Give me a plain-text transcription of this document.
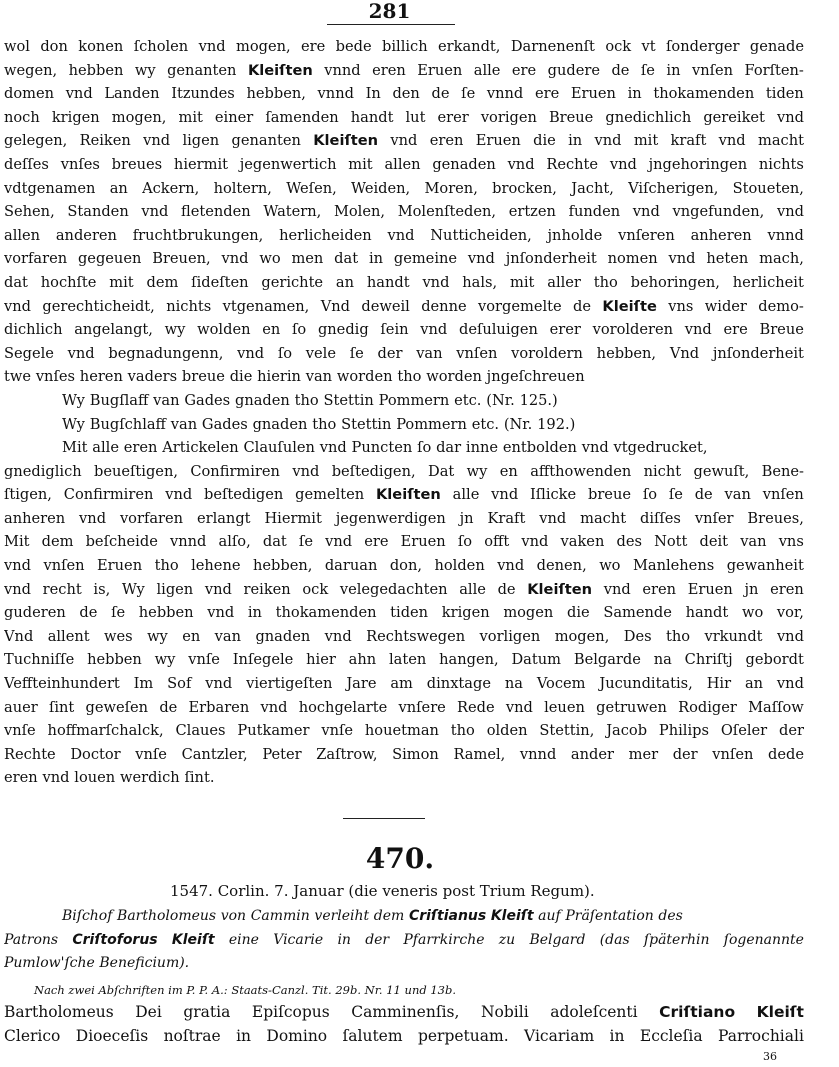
281
wol don konen ſcholen vnd mogen, ere bede billich erkandt, Darnenenſt ock vt ſonderger genade
wegen, hebben wy genanten Kleiſten vnnd eren Eruen alle ere gudere de ſe in vnſen Forſten-
domen vnd Landen Itzundes hebben, vnnd In den de ſe vnnd ere Eruen in thokamenden tiden
noch krigen mogen, mit einer ſamenden handt lut erer vorigen Breue gnedichlich gereiket vnd
gelegen, Reiken vnd ligen genanten Kleiſten vnd eren Eruen die in vnd mit kraft vnd macht
deſſes vnſes breues hiermit jegenwertich mit allen genaden vnd Rechte vnd jngehoringen nichts
vdtgenamen an Ackern, holtern, Weſen, Weiden, Moren, brocken, Jacht, Viſcherigen, Stoueten,
Sehen, Standen vnd fletenden Watern, Molen, Molenſteden, ertzen funden vnd vngefunden, vnd
allen anderen fruchtbrukungen, herlicheiden vnd Nutticheiden, jnholde vnſeren anheren vnnd
vorfaren gegeuen Breuen, vnd wo men dat in gemeine vnd jnſonderheit nomen vnd heten mach,
dat hochſte mit dem ſideſten gerichte an handt vnd hals, mit aller tho behoringen, herlicheit
vnd gerechticheidt, nichts vtgenamen, Vnd deweil denne vorgemelte de Kleiſte vns wider demo-
dichlich angelangt, wy wolden en ſo gnedig ſein vnd deſuluigen erer vorolderen vnd ere Breue
Segele vnd begnadungenn, vnd ſo vele ſe der van vnſen voroldern hebben, Vnd jnſonderheit
twe vnſes heren vaders breue die hierin van worden tho worden jngeſchreuen
Wy Bugſlaff van Gades gnaden tho Stettin Pommern etc. (Nr. 125.)
Wy Bugſchlaff van Gades gnaden tho Stettin Pommern etc. (Nr. 192.)
Mit alle eren Artickelen Clauſulen vnd Puncten ſo dar inne entbolden vnd vtgedrucket,
gnediglich beueſtigen, Confirmiren vnd beſtedigen, Dat wy en affthowenden nicht gewuſt, Bene-
ſtigen, Confirmiren vnd beſtedigen gemelten Kleiſten alle vnd Iſlicke breue ſo ſe de van vnſen
anheren vnd vorfaren erlangt Hiermit jegenwerdigen jn Kraft vnd macht diſſes vnſer Breues,
Mit dem beſcheide vnnd alſo, dat ſe vnd ere Eruen ſo offt vnd vaken des Nott deit van vns
vnd vnſen Eruen tho lehene hebben, daruan don, holden vnd denen, wo Manlehens gewanheit
vnd recht is, Wy ligen vnd reiken ock velegedachten alle de Kleiſten vnd eren Eruen jn eren
guderen de ſe hebben vnd in thokamenden tiden krigen mogen die Samende handt wo vor,
Vnd allent wes wy en van gnaden vnd Rechtswegen vorligen mogen, Des tho vrkundt vnd
Tuchniſſe hebben wy vnſe Inſegele hier ahn laten hangen, Datum Belgarde na Chriſtj gebordt
Veffteinhundert Im Sof vnd viertigeſten Jare am dinxtage na Vocem Jucunditatis, Hir an vnd
auer ſint geweſen de Erbaren vnd hochgelarte vnſere Rede vnd leuen getruwen Rodiger Maſſow
vnſe hoffmarſchalck, Claues Putkamer vnſe houetman tho olden Stettin, Jacob Philips Oſeler der
Rechte Doctor vnſe Cantzler, Peter Zaſtrow, Simon Ramel, vnnd ander mer der vnſen dede
eren vnd louen werdich ſint.
470.
1547. Corlin. 7. Januar (die veneris post Trium Regum).
Biſchof Bartholomeus von Cammin verleiht dem Criſtianus Kleiſt auf Präſentation des
Patrons Criſtoforus Kleiſt eine Vicarie in der Pfarrkirche zu Belgard (das ſpäterhin ſogenannte
Pumlow'ſche Beneficium).
Nach zwei Abſchriften im P. P. A.: Staats-Canzl. Tit. 29b. Nr. 11 und 13b.
Bartholomeus Dei gratia Epiſcopus Camminenſis, Nobili adoleſcenti Criſtiano Kleiſt
Clerico Dioeceſis noſtrae in Domino ſalutem perpetuam. Vicariam in Eccleſia Parrochiali
36
